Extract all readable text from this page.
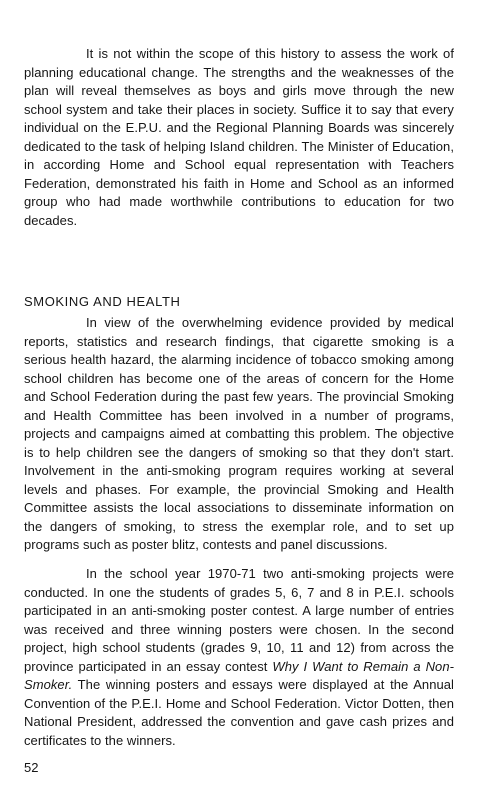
It is not within the scope of this history to assess the work of planning educational change. The strengths and the weaknesses of the plan will reveal themselves as boys and girls move through the new school system and take their places in society. Suffice it to say that every individual on the E.P.U. and the Regional Planning Boards was sincerely dedicated to the task of helping Island children. The Minister of Education, in according Home and School equal representation with Teachers Federation, demonstrated his faith in Home and School as an informed group who had made worthwhile contributions to education for two decades.

SMOKING AND HEALTH

In view of the overwhelming evidence provided by medical reports, statistics and research findings, that cigarette smoking is a serious health hazard, the alarming incidence of tobacco smoking among school children has become one of the areas of concern for the Home and School Federation during the past few years. The provincial Smoking and Health Committee has been involved in a number of programs, projects and campaigns aimed at combatting this problem. The objective is to help children see the dangers of smoking so that they don't start. Involvement in the anti-smoking program requires working at several levels and phases. For example, the provincial Smoking and Health Committee assists the local associations to disseminate information on the dangers of smoking, to stress the exemplar role, and to set up programs such as poster blitz, contests and panel discussions.

In the school year 1970-71 two anti-smoking projects were conducted. In one the students of grades 5, 6, 7 and 8 in P.E.I. schools participated in an anti-smoking poster contest. A large number of entries was received and three winning posters were chosen. In the second project, high school students (grades 9, 10, 11 and 12) from across the province participated in an essay contest Why I Want to Remain a Non-Smoker. The winning posters and essays were displayed at the Annual Convention of the P.E.I. Home and School Federation. Victor Dotten, then National President, addressed the convention and gave cash prizes and certificates to the winners.

52
